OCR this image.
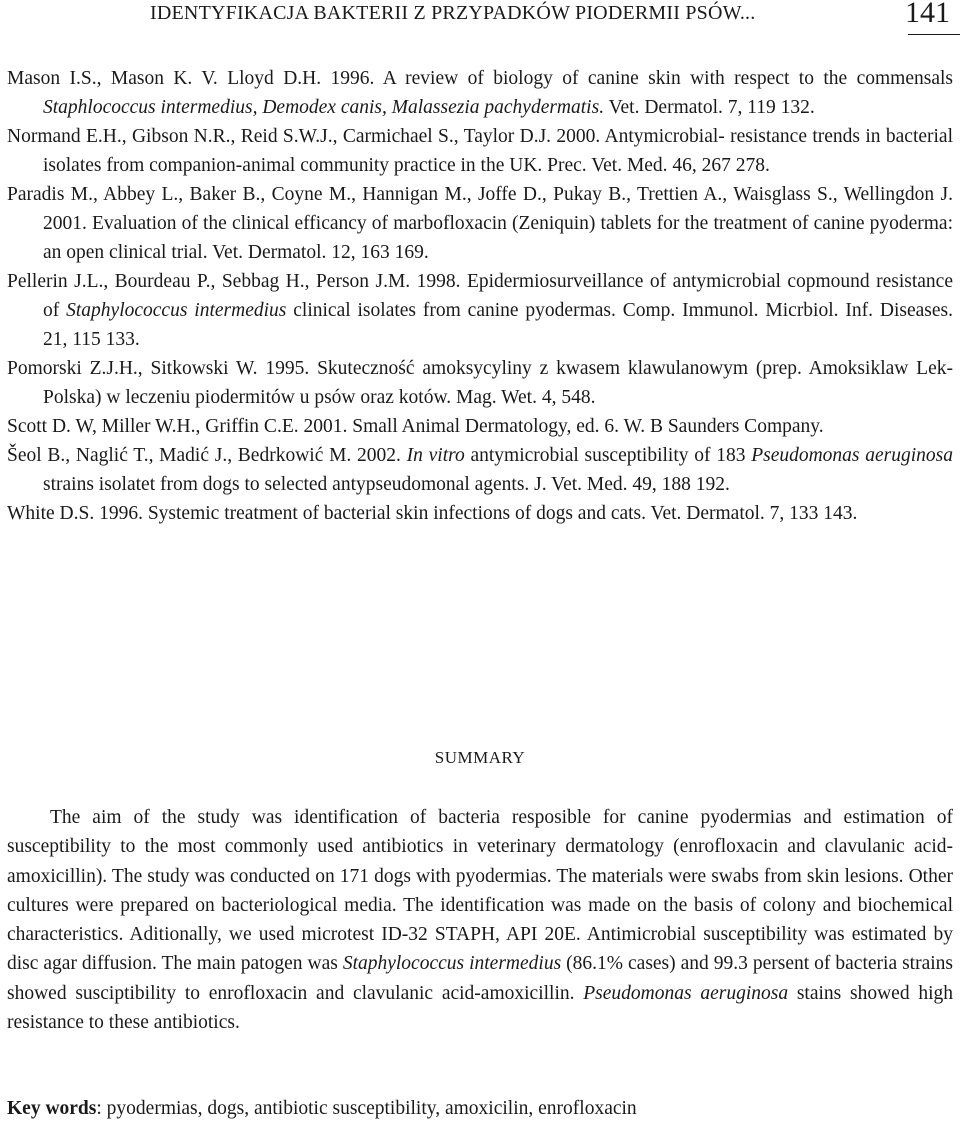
IDENTYFIKACJA BAKTERII Z PRZYPADKÓW PIODERMII PSÓW...	141

Mason I.S., Mason K. V. Lloyd D.H. 1996. A review of biology of canine skin with respect to the commensals Staphlococcus intermedius, Demodex canis, Malassezia pachydermatis. Vet. Dermatol. 7, 119 132.

Normand E.H., Gibson N.R., Reid S.W.J., Carmichael S., Taylor D.J. 2000. Antymicrobial- resistance trends in bacterial isolates from companion-animal community practice in the UK. Prec. Vet. Med. 46, 267 278.

Paradis M., Abbey L., Baker B., Coyne M., Hannigan M., Joffe D., Pukay B., Trettien A., Waisglass S., Wellingdon J. 2001. Evaluation of the clinical efficancy of marbofloxacin (Zeniquin) tablets for the treatment of canine pyoderma: an open clinical trial. Vet. Dermatol. 12, 163 169.

Pellerin J.L., Bourdeau P., Sebbag H., Person J.M. 1998. Epidermiosurveillance of antymicrobial copmound resistance of Staphylococcus intermedius clinical isolates from canine pyodermas. Comp. Immunol. Micrbiol. Inf. Diseases. 21, 115 133.

Pomorski Z.J.H., Sitkowski W. 1995. Skuteczność amoksycyliny z kwasem klawulanowym (prep. Amoksiklaw Lek-Polska) w leczeniu piodermitów u psów oraz kotów. Mag. Wet. 4, 548.

Scott D. W, Miller W.H., Griffin C.E. 2001. Small Animal Dermatology, ed. 6. W. B Saunders Company.

Šeol B., Naglić T., Madić J., Bedrkowić M. 2002. In vitro antymicrobial susceptibility of 183 Pseudomonas aeruginosa strains isolatet from dogs to selected antypseudomonal agents. J. Vet. Med. 49, 188 192.

White D.S. 1996. Systemic treatment of bacterial skin infections of dogs and cats. Vet. Dermatol. 7, 133 143.

SUMMARY

The aim of the study was identification of bacteria resposible for canine pyodermias and estimation of susceptibility to the most commonly used antibiotics in veterinary dermatology (enrofloxacin and clavulanic acid-amoxicillin). The study was conducted on 171 dogs with pyodermias. The materials were swabs from skin lesions. Other cultures were prepared on bacteriological media. The identification was made on the basis of colony and biochemical characteristics. Aditionally, we used microtest ID-32 STAPH, API 20E. Antimicrobial susceptibility was estimated by disc agar diffusion. The main patogen was Staphylococcus intermedius (86.1% cases) and 99.3 persent of bacteria strains showed susciptibility to enrofloxacin and clavulanic acid-amoxicillin. Pseudomonas aeruginosa stains showed high resistance to these antibiotics.

Key words: pyodermias, dogs, antibiotic susceptibility, amoxicilin, enrofloxacin
